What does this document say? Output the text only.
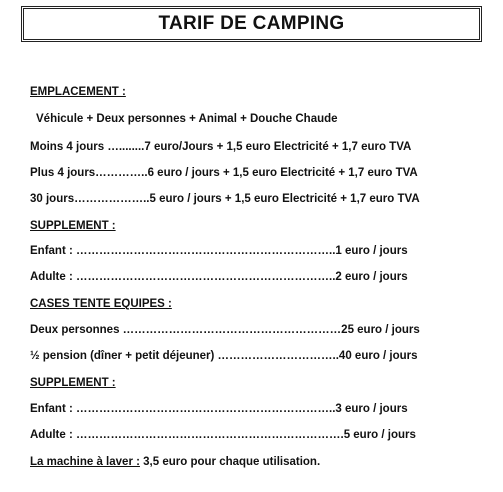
TARIF DE CAMPING
EMPLACEMENT :
Véhicule + Deux personnes + Animal + Douche Chaude
Moins 4 jours …........7 euro/Jours + 1,5 euro Electricité + 1,7 euro TVA
Plus 4 jours…………..6 euro / jours + 1,5 euro Electricité + 1,7 euro TVA
30 jours………………..5 euro / jours + 1,5 euro Electricité + 1,7 euro TVA
SUPPLEMENT :
Enfant : …………………………………………………………..1 euro / jours
Adulte : …………………………………………………………..2 euro / jours
CASES TENTE EQUIPES :
Deux personnes …………………………………………………25 euro / jours
½ pension (dîner + petit déjeuner) …………………………..40 euro / jours
SUPPLEMENT :
Enfant : …………………………………………………………..3 euro / jours
Adulte : …………………………………………………………….5 euro / jours
La machine à laver : 3,5 euro pour chaque utilisation.
